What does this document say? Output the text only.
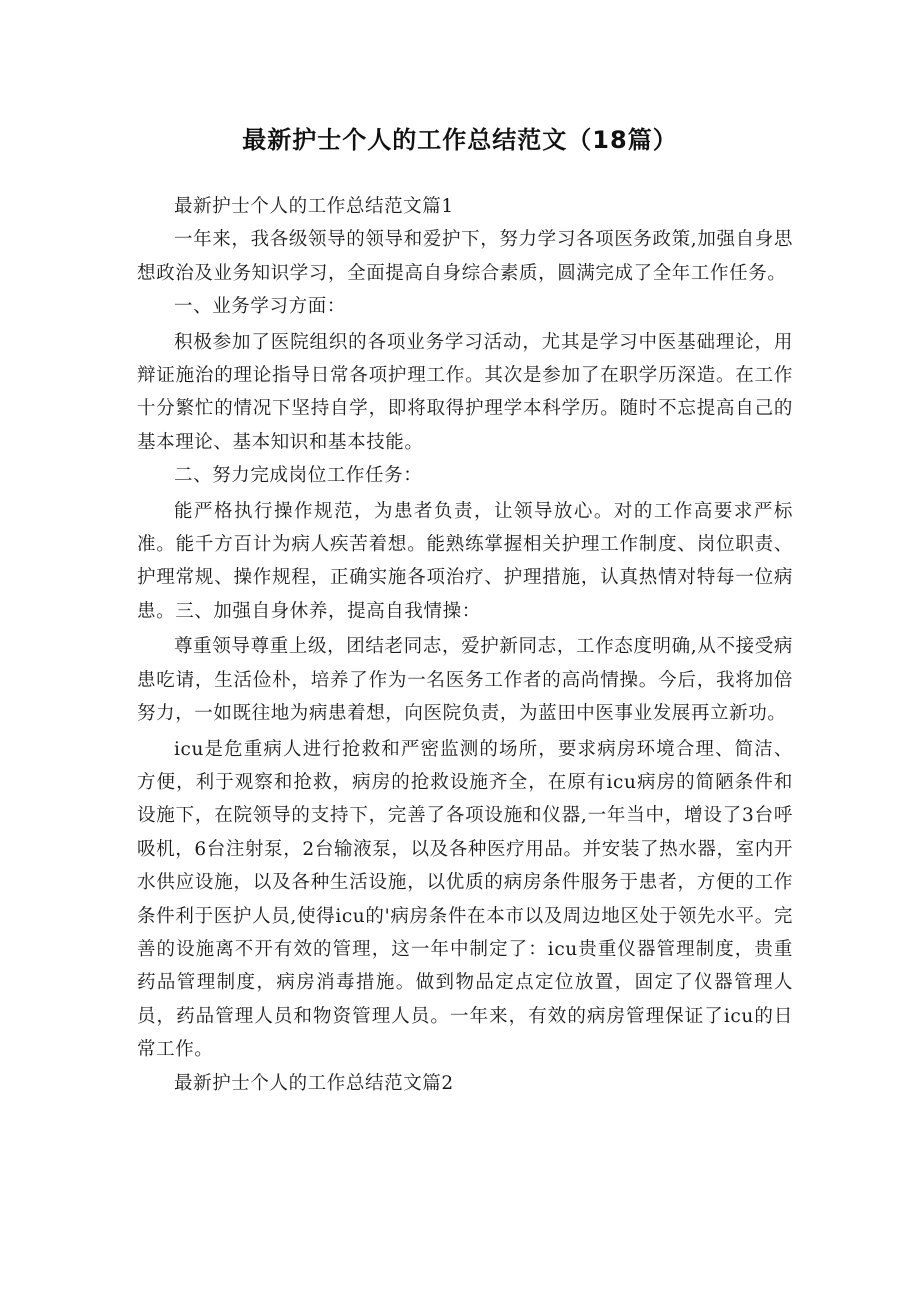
最新护士个人的工作总结范文（18篇）

最新护士个人的工作总结范文篇1

一年来，我各级领导的领导和爱护下，努力学习各项医务政策,加强自身思想政治及业务知识学习，全面提高自身综合素质，圆满完成了全年工作任务。

一、业务学习方面：

积极参加了医院组织的各项业务学习活动，尤其是学习中医基础理论，用辩证施治的理论指导日常各项护理工作。其次是参加了在职学历深造。在工作十分繁忙的情况下坚持自学，即将取得护理学本科学历。随时不忘提高自己的基本理论、基本知识和基本技能。

二、努力完成岗位工作任务：

能严格执行操作规范，为患者负责，让领导放心。对的工作高要求严标准。能千方百计为病人疾苦着想。能熟练掌握相关护理工作制度、岗位职责、护理常规、操作规程，正确实施各项治疗、护理措施，认真热情对特每一位病患。三、加强自身休养，提高自我情操：

尊重领导尊重上级，团结老同志，爱护新同志，工作态度明确,从不接受病患吃请，生活俭朴，培养了作为一名医务工作者的高尚情操。今后，我将加倍努力，一如既往地为病患着想，向医院负责，为蓝田中医事业发展再立新功。

icu是危重病人进行抢救和严密监测的场所，要求病房环境合理、简洁、方便，利于观察和抢救，病房的抢救设施齐全，在原有icu病房的简陋条件和设施下，在院领导的支持下，完善了各项设施和仪器,一年当中，增设了3台呼吸机，6台注射泵，2台输液泵，以及各种医疗用品。并安装了热水器，室内开水供应设施，以及各种生活设施，以优质的病房条件服务于患者，方便的工作条件利于医护人员,使得icu的'病房条件在本市以及周边地区处于领先水平。完善的设施离不开有效的管理，这一年中制定了：icu贵重仪器管理制度，贵重药品管理制度，病房消毒措施。做到物品定点定位放置，固定了仪器管理人员，药品管理人员和物资管理人员。一年来，有效的病房管理保证了icu的日常工作。

最新护士个人的工作总结范文篇2
